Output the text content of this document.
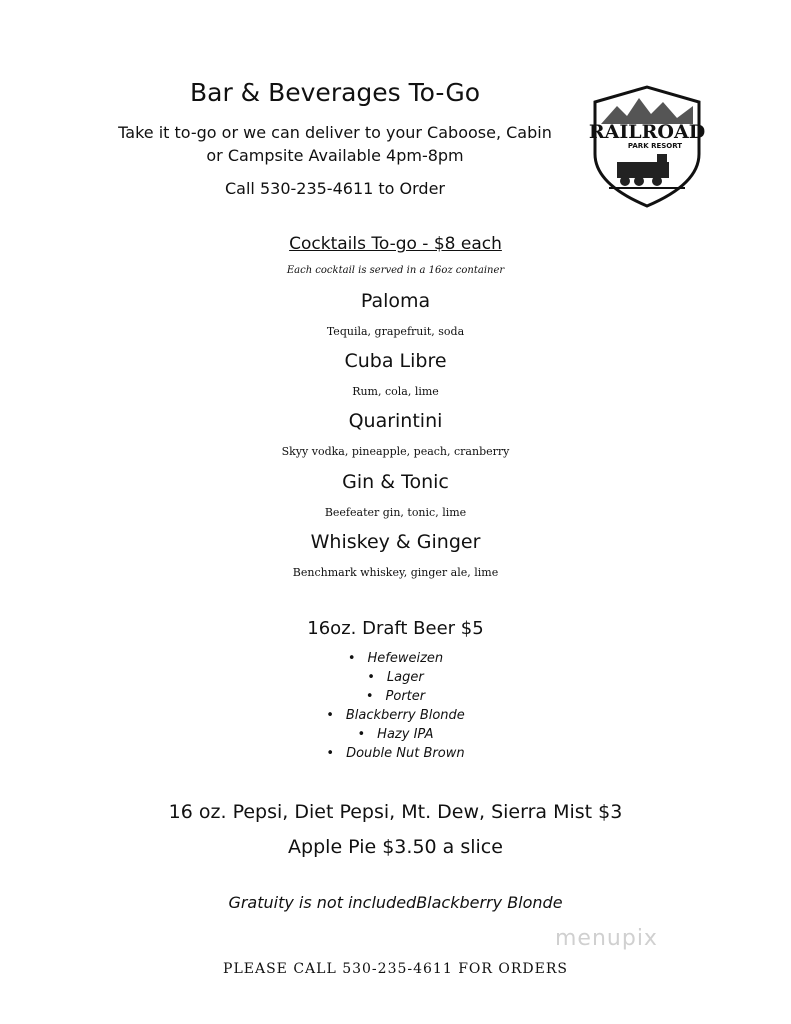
Bar & Beverages To-Go
Take it to-go or we can deliver to your Caboose, Cabin
or Campsite Available 4pm-8pm
Call 530-235-4611 to Order
RAILROAD
PARK RESORT
Cocktails To-go - $8 each
Each cocktail is served in a 16oz container
Paloma
Tequila, grapefruit, soda
Cuba Libre
Rum, cola, lime
Quarintini
Skyy vodka, pineapple, peach, cranberry
Gin & Tonic
Beefeater gin, tonic, lime
Whiskey & Ginger
Benchmark whiskey, ginger ale, lime
16oz. Draft Beer $5
• Hefeweizen
• Lager
• Porter
• Blackberry Blonde
• Hazy IPA
• Double Nut Brown
16 oz. Pepsi, Diet Pepsi, Mt. Dew, Sierra Mist $3
Apple Pie $3.50 a slice
Gratuity is not includedBlackberry Blonde
menupix
PLEASE CALL 530-235-4611 FOR ORDERS
